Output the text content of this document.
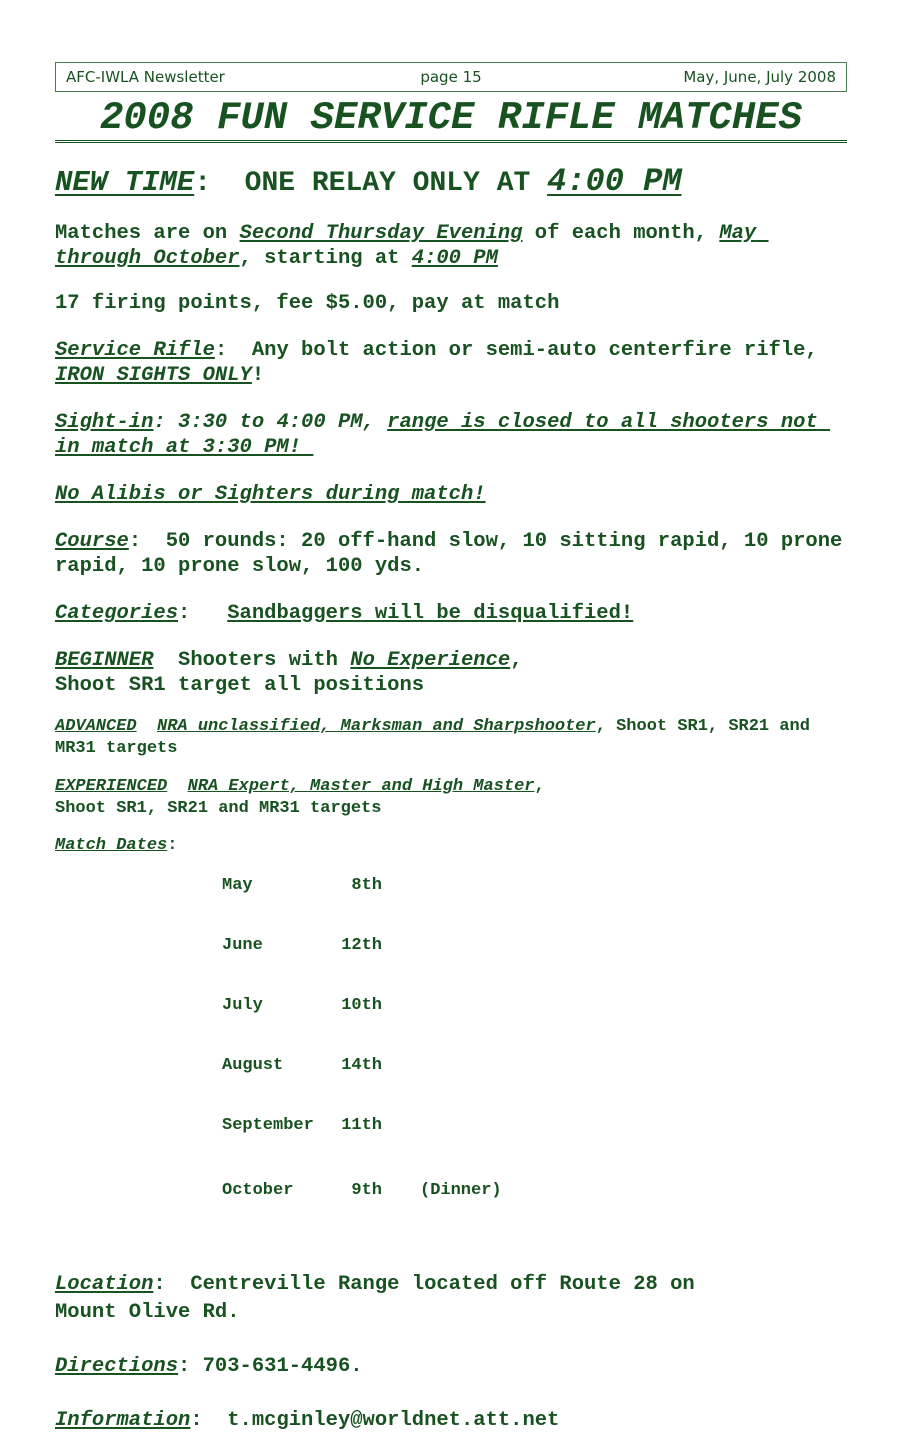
AFC-IWLA Newsletter	page 15	May, June, July 2008
2008 FUN SERVICE RIFLE MATCHES
NEW TIME:  ONE RELAY ONLY AT 4:00 PM

Matches are on Second Thursday Evening of each month, May through October, starting at 4:00 PM

17 firing points, fee $5.00, pay at match

Service Rifle:  Any bolt action or semi-auto centerfire rifle, IRON SIGHTS ONLY!

Sight-in: 3:30 to 4:00 PM, range is closed to all shooters not in match at 3:30 PM!

No Alibis or Sighters during match!

Course:  50 rounds: 20 off-hand slow, 10 sitting rapid, 10 prone rapid, 10 prone slow, 100 yds.

Categories:   Sandbaggers will be disqualified!

BEGINNER  Shooters with No Experience,
Shoot SR1 target all positions

ADVANCED NRA unclassified, Marksman and Sharpshooter, Shoot SR1, SR21 and MR31 targets

EXPERIENCED NRA Expert, Master and High Master,
Shoot SR1, SR21 and MR31 targets

Match Dates:

May	8th

June	12th

July	10th

August	14th

September	11th

October	9th	(Dinner)

Location:  Centreville Range located off Route 28 on
Mount Olive Rd.

Directions: 703-631-4496.

Information:  t.mcginley@worldnet.att.net
